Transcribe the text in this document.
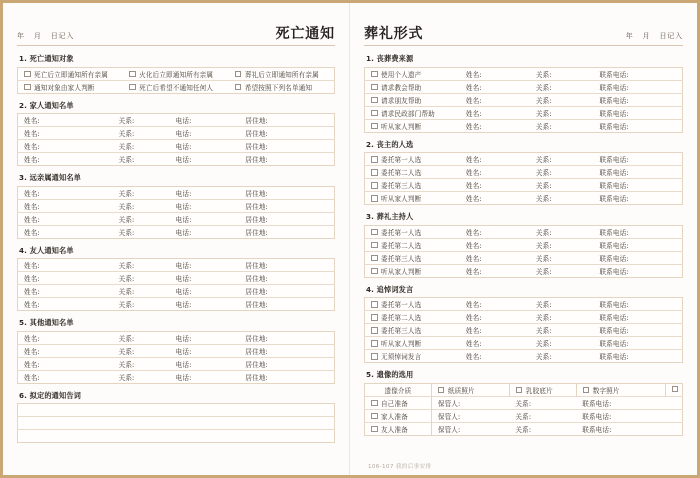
年 月 日记入	死亡通知
1. 死亡通知对象
死亡后立即通知所有亲属	火化后立即通知所有亲属	葬礼后立即通知所有亲属
通知对象由家人判断	死亡后希望不通知任何人	希望按照下列名单通知
2. 家人通知名单
姓名:	关系:	电话:	居住地:
姓名:	关系:	电话:	居住地:
姓名:	关系:	电话:	居住地:
姓名:	关系:	电话:	居住地:
3. 远亲属通知名单
姓名:	关系:	电话:	居住地:
姓名:	关系:	电话:	居住地:
姓名:	关系:	电话:	居住地:
姓名:	关系:	电话:	居住地:
4. 友人通知名单
姓名:	关系:	电话:	居住地:
姓名:	关系:	电话:	居住地:
姓名:	关系:	电话:	居住地:
姓名:	关系:	电话:	居住地:
5. 其他通知名单
姓名:	关系:	电话:	居住地:
姓名:	关系:	电话:	居住地:
姓名:	关系:	电话:	居住地:
姓名:	关系:	电话:	居住地:
6. 拟定的通知告词

葬礼形式	年 月 日记入
1. 丧葬费来源
使用个人遗产	姓名:	关系:	联系电话:
请求教会帮助	姓名:	关系:	联系电话:
请求朋友帮助	姓名:	关系:	联系电话:
请求民政部门帮助	姓名:	关系:	联系电话:
听从家人判断	姓名:	关系:	联系电话:
2. 丧主的人选
委托第一人选	姓名:	关系:	联系电话:
委托第二人选	姓名:	关系:	联系电话:
委托第三人选	姓名:	关系:	联系电话:
听从家人判断	姓名:	关系:	联系电话:
3. 葬礼主持人
委托第一人选	姓名:	关系:	联系电话:
委托第二人选	姓名:	关系:	联系电话:
委托第三人选	姓名:	关系:	联系电话:
听从家人判断	姓名:	关系:	联系电话:
4. 追悼词发言
委托第一人选	姓名:	关系:	联系电话:
委托第二人选	姓名:	关系:	联系电话:
委托第三人选	姓名:	关系:	联系电话:
听从家人判断	姓名:	关系:	联系电话:
无须悼词发言	姓名:	关系:	联系电话:
5. 遗像的选用
遗像介质	纸质照片	乳胶底片	数字照片	
自己准备	保管人:	关系:	联系电话:	
家人准备	保管人:	关系:	联系电话:	
友人准备	保管人:	关系:	联系电话:	
106-107 我的后事安排
